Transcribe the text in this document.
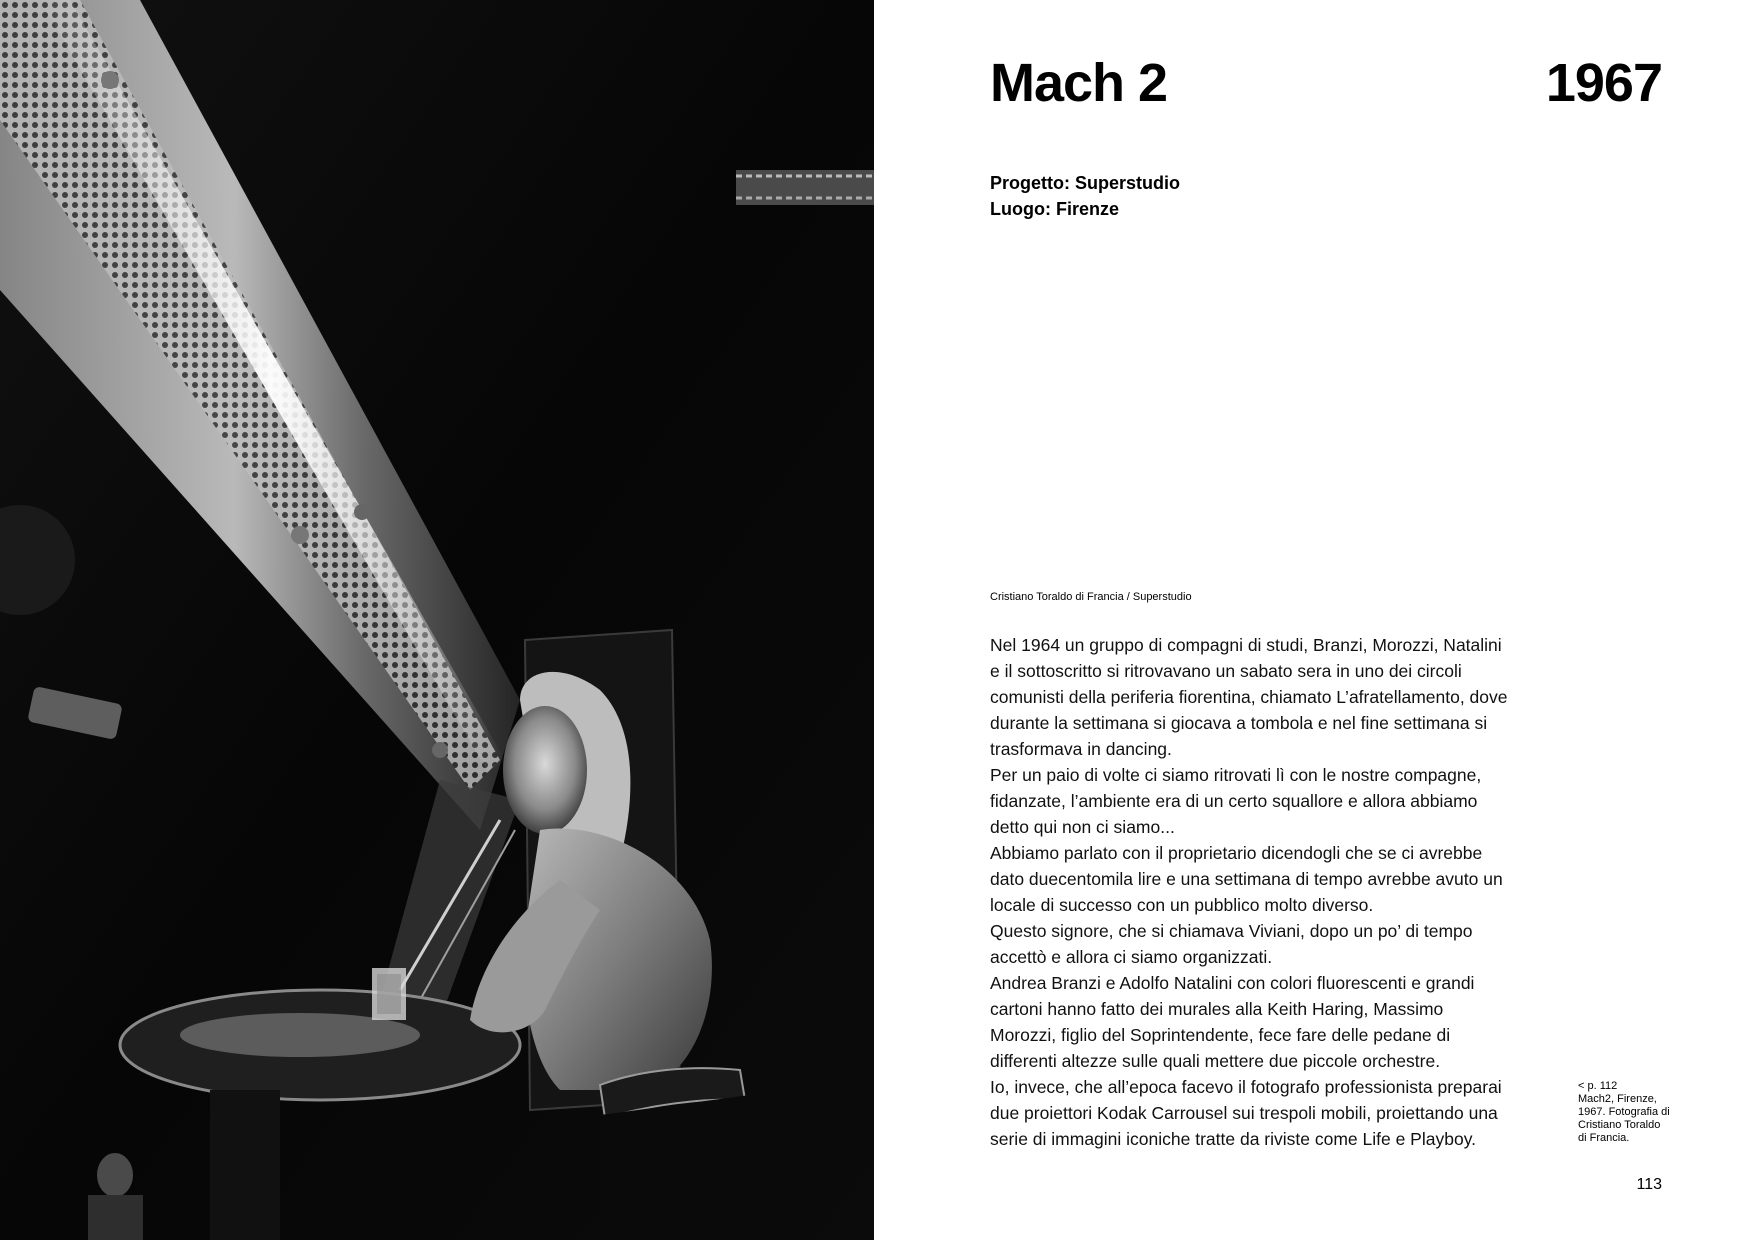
Mach 2	1967
Progetto: Superstudio
Luogo: Firenze
Cristiano Toraldo di Francia / Superstudio

Nel 1964 un gruppo di compagni di studi, Branzi, Morozzi, Natalini
e il sottoscritto si ritrovavano un sabato sera in uno dei circoli
comunisti della periferia fiorentina, chiamato L’afratellamento, dove
durante la settimana si giocava a tombola e nel fine settimana si
trasformava in dancing.

Per un paio di volte ci siamo ritrovati lì con le nostre compagne,
fidanzate, l’ambiente era di un certo squallore e allora abbiamo
detto qui non ci siamo...

Abbiamo parlato con il proprietario dicendogli che se ci avrebbe
dato duecentomila lire e una settimana di tempo avrebbe avuto un
locale di successo con un pubblico molto diverso.

Questo signore, che si chiamava Viviani, dopo un po’ di tempo
accettò e allora ci siamo organizzati.

Andrea Branzi e Adolfo Natalini con colori fluorescenti e grandi
cartoni hanno fatto dei murales alla Keith Haring, Massimo
Morozzi, figlio del Soprintendente, fece fare delle pedane di
differenti altezze sulle quali mettere due piccole orchestre.

Io, invece, che all’epoca facevo il fotografo professionista preparai
due proiettori Kodak Carrousel sui trespoli mobili, proiettando una
serie di immagini iconiche tratte da riviste come Life e Playboy.

< p. 112
Mach2, Firenze,
1967. Fotografia di
Cristiano Toraldo
di Francia.
113
